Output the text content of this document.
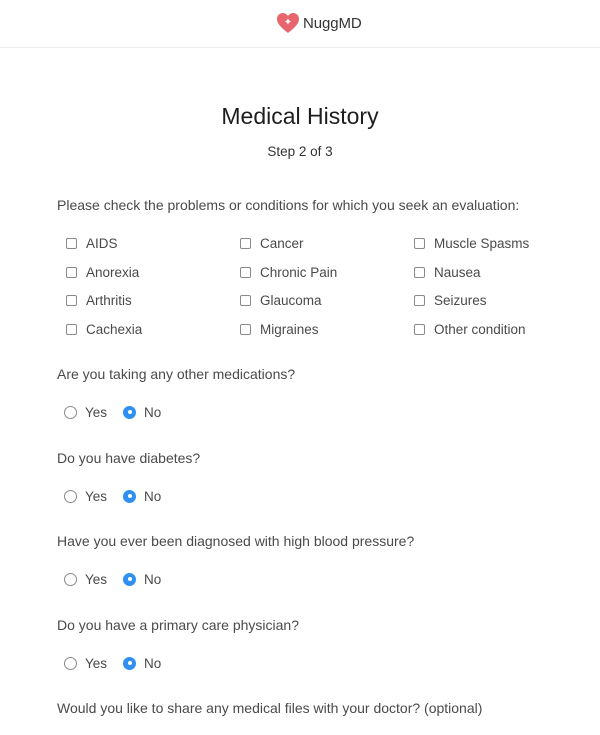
NuggMD
Medical History
Step 2 of 3
Please check the problems or conditions for which you seek an evaluation:
AIDS
Anorexia
Arthritis
Cachexia
Cancer
Chronic Pain
Glaucoma
Migraines
Muscle Spasms
Nausea
Seizures
Other condition
Are you taking any other medications?
Yes	No
Do you have diabetes?
Yes	No
Have you ever been diagnosed with high blood pressure?
Yes	No
Do you have a primary care physician?
Yes	No
Would you like to share any medical files with your doctor? (optional)
